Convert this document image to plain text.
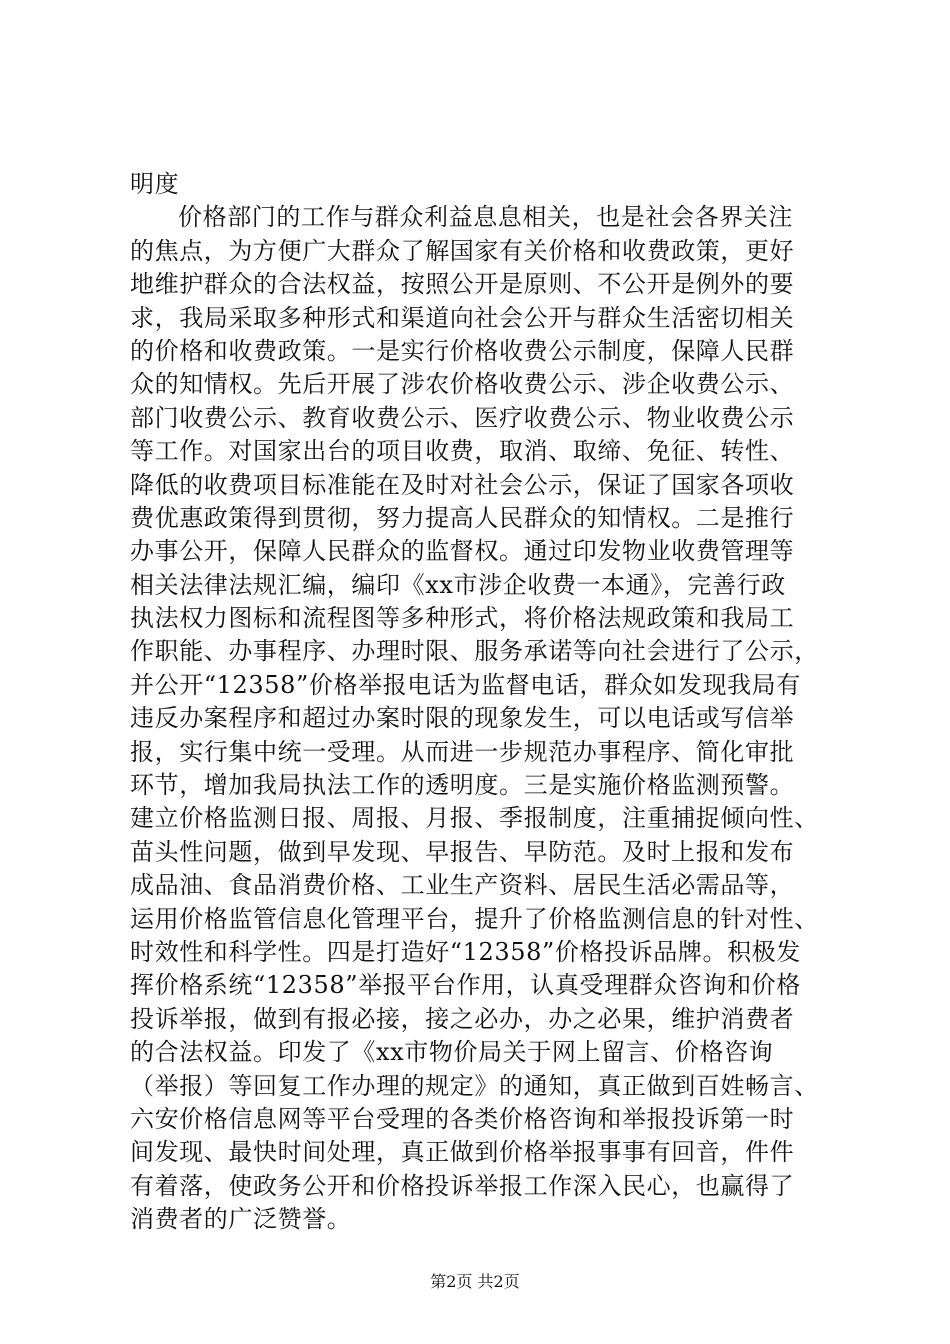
明度
价格部门的工作与群众利益息息相关，也是社会各界关注
的焦点，为方便广大群众了解国家有关价格和收费政策，更好
地维护群众的合法权益，按照公开是原则、不公开是例外的要
求，我局采取多种形式和渠道向社会公开与群众生活密切相关
的价格和收费政策。一是实行价格收费公示制度，保障人民群
众的知情权。先后开展了涉农价格收费公示、涉企收费公示、
部门收费公示、教育收费公示、医疗收费公示、物业收费公示
等工作。对国家出台的项目收费，取消、取缔、免征、转性、
降低的收费项目标准能在及时对社会公示，保证了国家各项收
费优惠政策得到贯彻，努力提高人民群众的知情权。二是推行
办事公开，保障人民群众的监督权。通过印发物业收费管理等
相关法律法规汇编，编印《xx市涉企收费一本通》，完善行政
执法权力图标和流程图等多种形式，将价格法规政策和我局工
作职能、办事程序、办理时限、服务承诺等向社会进行了公示，
并公开“12358”价格举报电话为监督电话，群众如发现我局有
违反办案程序和超过办案时限的现象发生，可以电话或写信举
报，实行集中统一受理。从而进一步规范办事程序、简化审批
环节，增加我局执法工作的透明度。三是实施价格监测预警。
建立价格监测日报、周报、月报、季报制度，注重捕捉倾向性、
苗头性问题，做到早发现、早报告、早防范。及时上报和发布
成品油、食品消费价格、工业生产资料、居民生活必需品等，
运用价格监管信息化管理平台，提升了价格监测信息的针对性、
时效性和科学性。四是打造好“12358”价格投诉品牌。积极发
挥价格系统“12358”举报平台作用，认真受理群众咨询和价格
投诉举报，做到有报必接，接之必办，办之必果，维护消费者
的合法权益。印发了《xx市物价局关于网上留言、价格咨询
（举报）等回复工作办理的规定》的通知，真正做到百姓畅言、
六安价格信息网等平台受理的各类价格咨询和举报投诉第一时
间发现、最快时间处理，真正做到价格举报事事有回音，件件
有着落，使政务公开和价格投诉举报工作深入民心，也赢得了
消费者的广泛赞誉。
第2页 共2页
